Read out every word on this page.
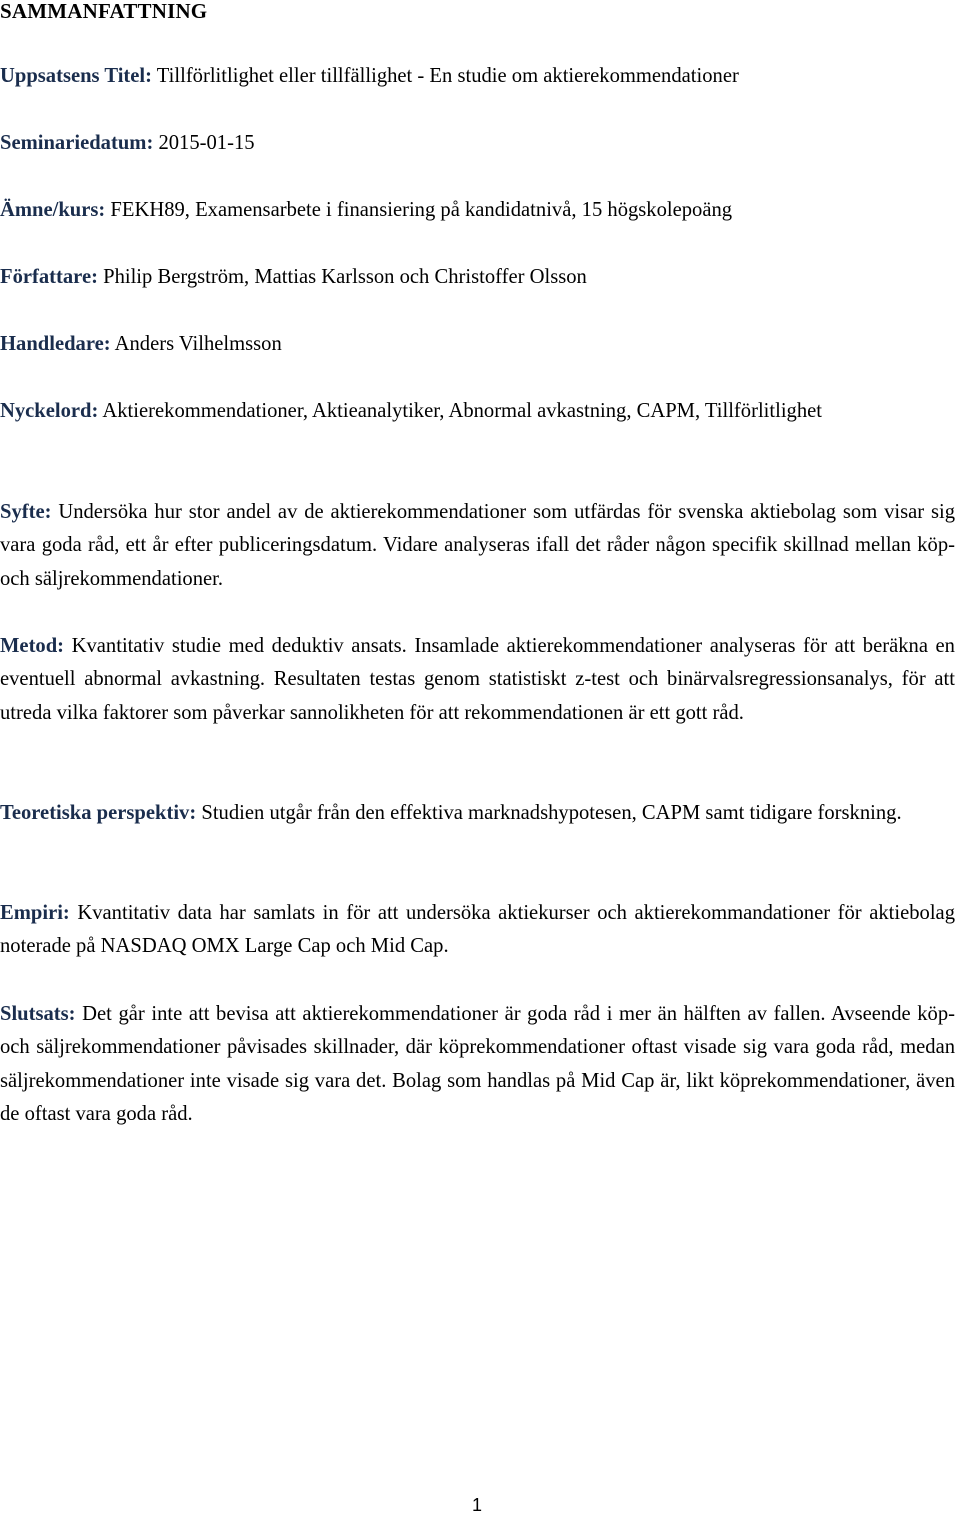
SAMMANFATTNING

Uppsatsens Titel: Tillförlitlighet eller tillfällighet - En studie om aktierekommendationer

Seminariedatum: 2015-01-15

Ämne/kurs: FEKH89, Examensarbete i finansiering på kandidatnivå, 15 högskolepoäng

Författare: Philip Bergström, Mattias Karlsson och Christoffer Olsson

Handledare: Anders Vilhelmsson

Nyckelord: Aktierekommendationer, Aktieanalytiker, Abnormal avkastning, CAPM, Tillförlitlighet

Syfte: Undersöka hur stor andel av de aktierekommendationer som utfärdas för svenska aktiebolag som visar sig vara goda råd, ett år efter publiceringsdatum. Vidare analyseras ifall det råder någon specifik skillnad mellan köp- och säljrekommendationer.

Metod: Kvantitativ studie med deduktiv ansats. Insamlade aktierekommendationer analyseras för att beräkna en eventuell abnormal avkastning. Resultaten testas genom statistiskt z-test och binärvalsregressionsanalys, för att utreda vilka faktorer som påverkar sannolikheten för att rekommendationen är ett gott råd.

Teoretiska perspektiv: Studien utgår från den effektiva marknadshypotesen, CAPM samt tidigare forskning.

Empiri: Kvantitativ data har samlats in för att undersöka aktiekurser och aktierekommandationer för aktiebolag noterade på NASDAQ OMX Large Cap och Mid Cap.

Slutsats: Det går inte att bevisa att aktierekommendationer är goda råd i mer än hälften av fallen. Avseende köp- och säljrekommendationer påvisades skillnader, där köprekommendationer oftast visade sig vara goda råd, medan säljrekommendationer inte visade sig vara det. Bolag som handlas på Mid Cap är, likt köprekommendationer, även de oftast vara goda råd.

1
